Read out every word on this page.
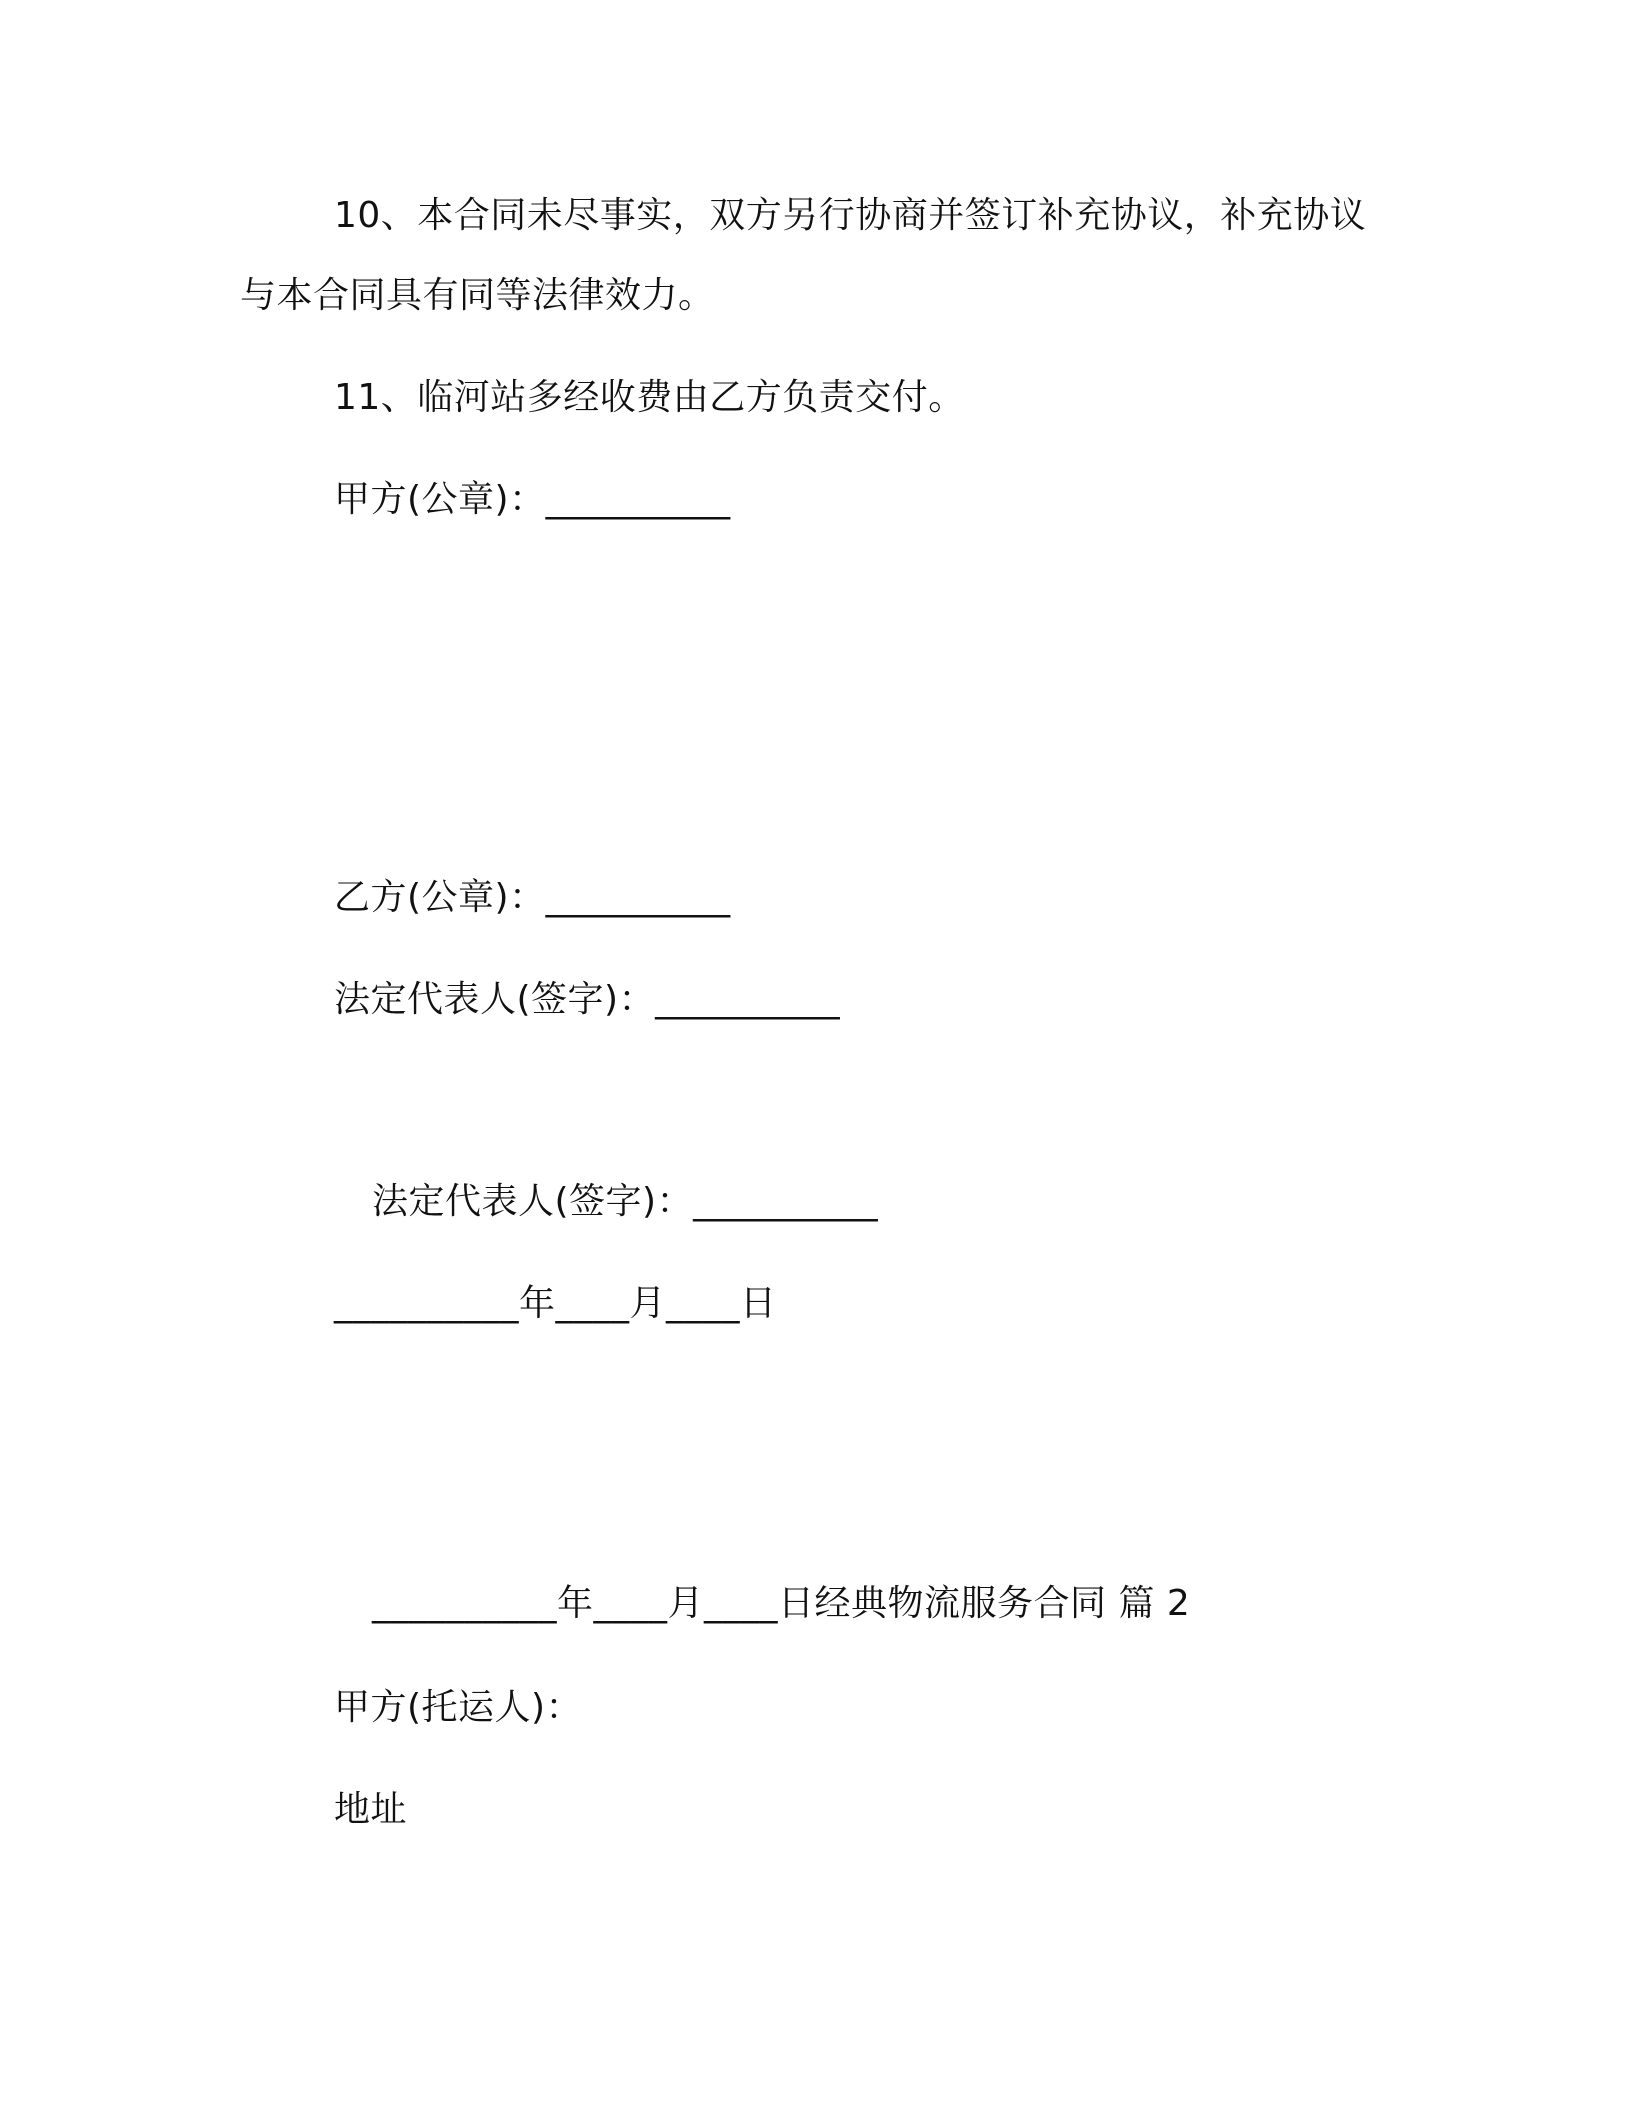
10、本合同未尽事实，双方另行协商并签订补充协议，补充协议
与本合同具有同等法律效力。
11、临河站多经收费由乙方负责交付。
甲方(公章)：__________
乙方(公章)：__________
法定代表人(签字)：__________
法定代表人(签字)：__________
__________年____月____日
__________年____月____日经典物流服务合同 篇 2
甲方(托运人)：
地址
